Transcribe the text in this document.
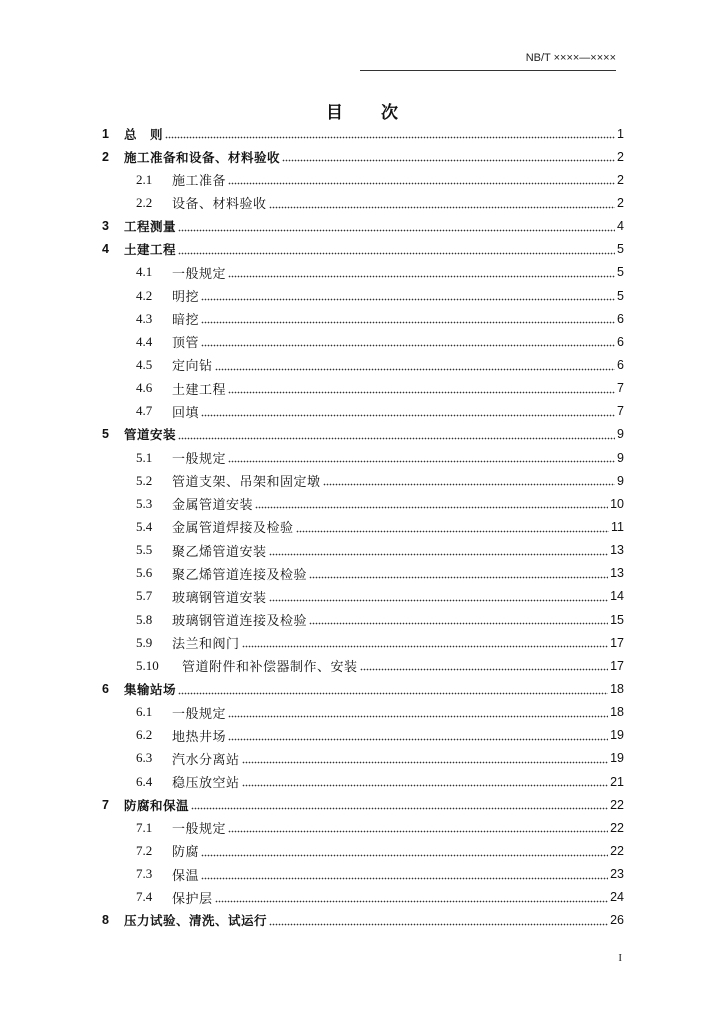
NB/T ××××—××××
目 次
1	总　则	1
2	施工准备和设备、材料验收	2
2.1	施工准备	2
2.2	设备、材料验收	2
3	工程测量	4
4	土建工程	5
4.1	一般规定	5
4.2	明挖	5
4.3	暗挖	6
4.4	顶管	6
4.5	定向钻	6
4.6	土建工程	7
4.7	回填	7
5	管道安装	9
5.1	一般规定	9
5.2	管道支架、吊架和固定墩	9
5.3	金属管道安装	10
5.4	金属管道焊接及检验	11
5.5	聚乙烯管道安装	13
5.6	聚乙烯管道连接及检验	13
5.7	玻璃钢管道安装	14
5.8	玻璃钢管道连接及检验	15
5.9	法兰和阀门	17
5.10	管道附件和补偿器制作、安装	17
6	集输站场	18
6.1	一般规定	18
6.2	地热井场	19
6.3	汽水分离站	19
6.4	稳压放空站	21
7	防腐和保温	22
7.1	一般规定	22
7.2	防腐	22
7.3	保温	23
7.4	保护层	24
8	压力试验、清洗、试运行	26
I
